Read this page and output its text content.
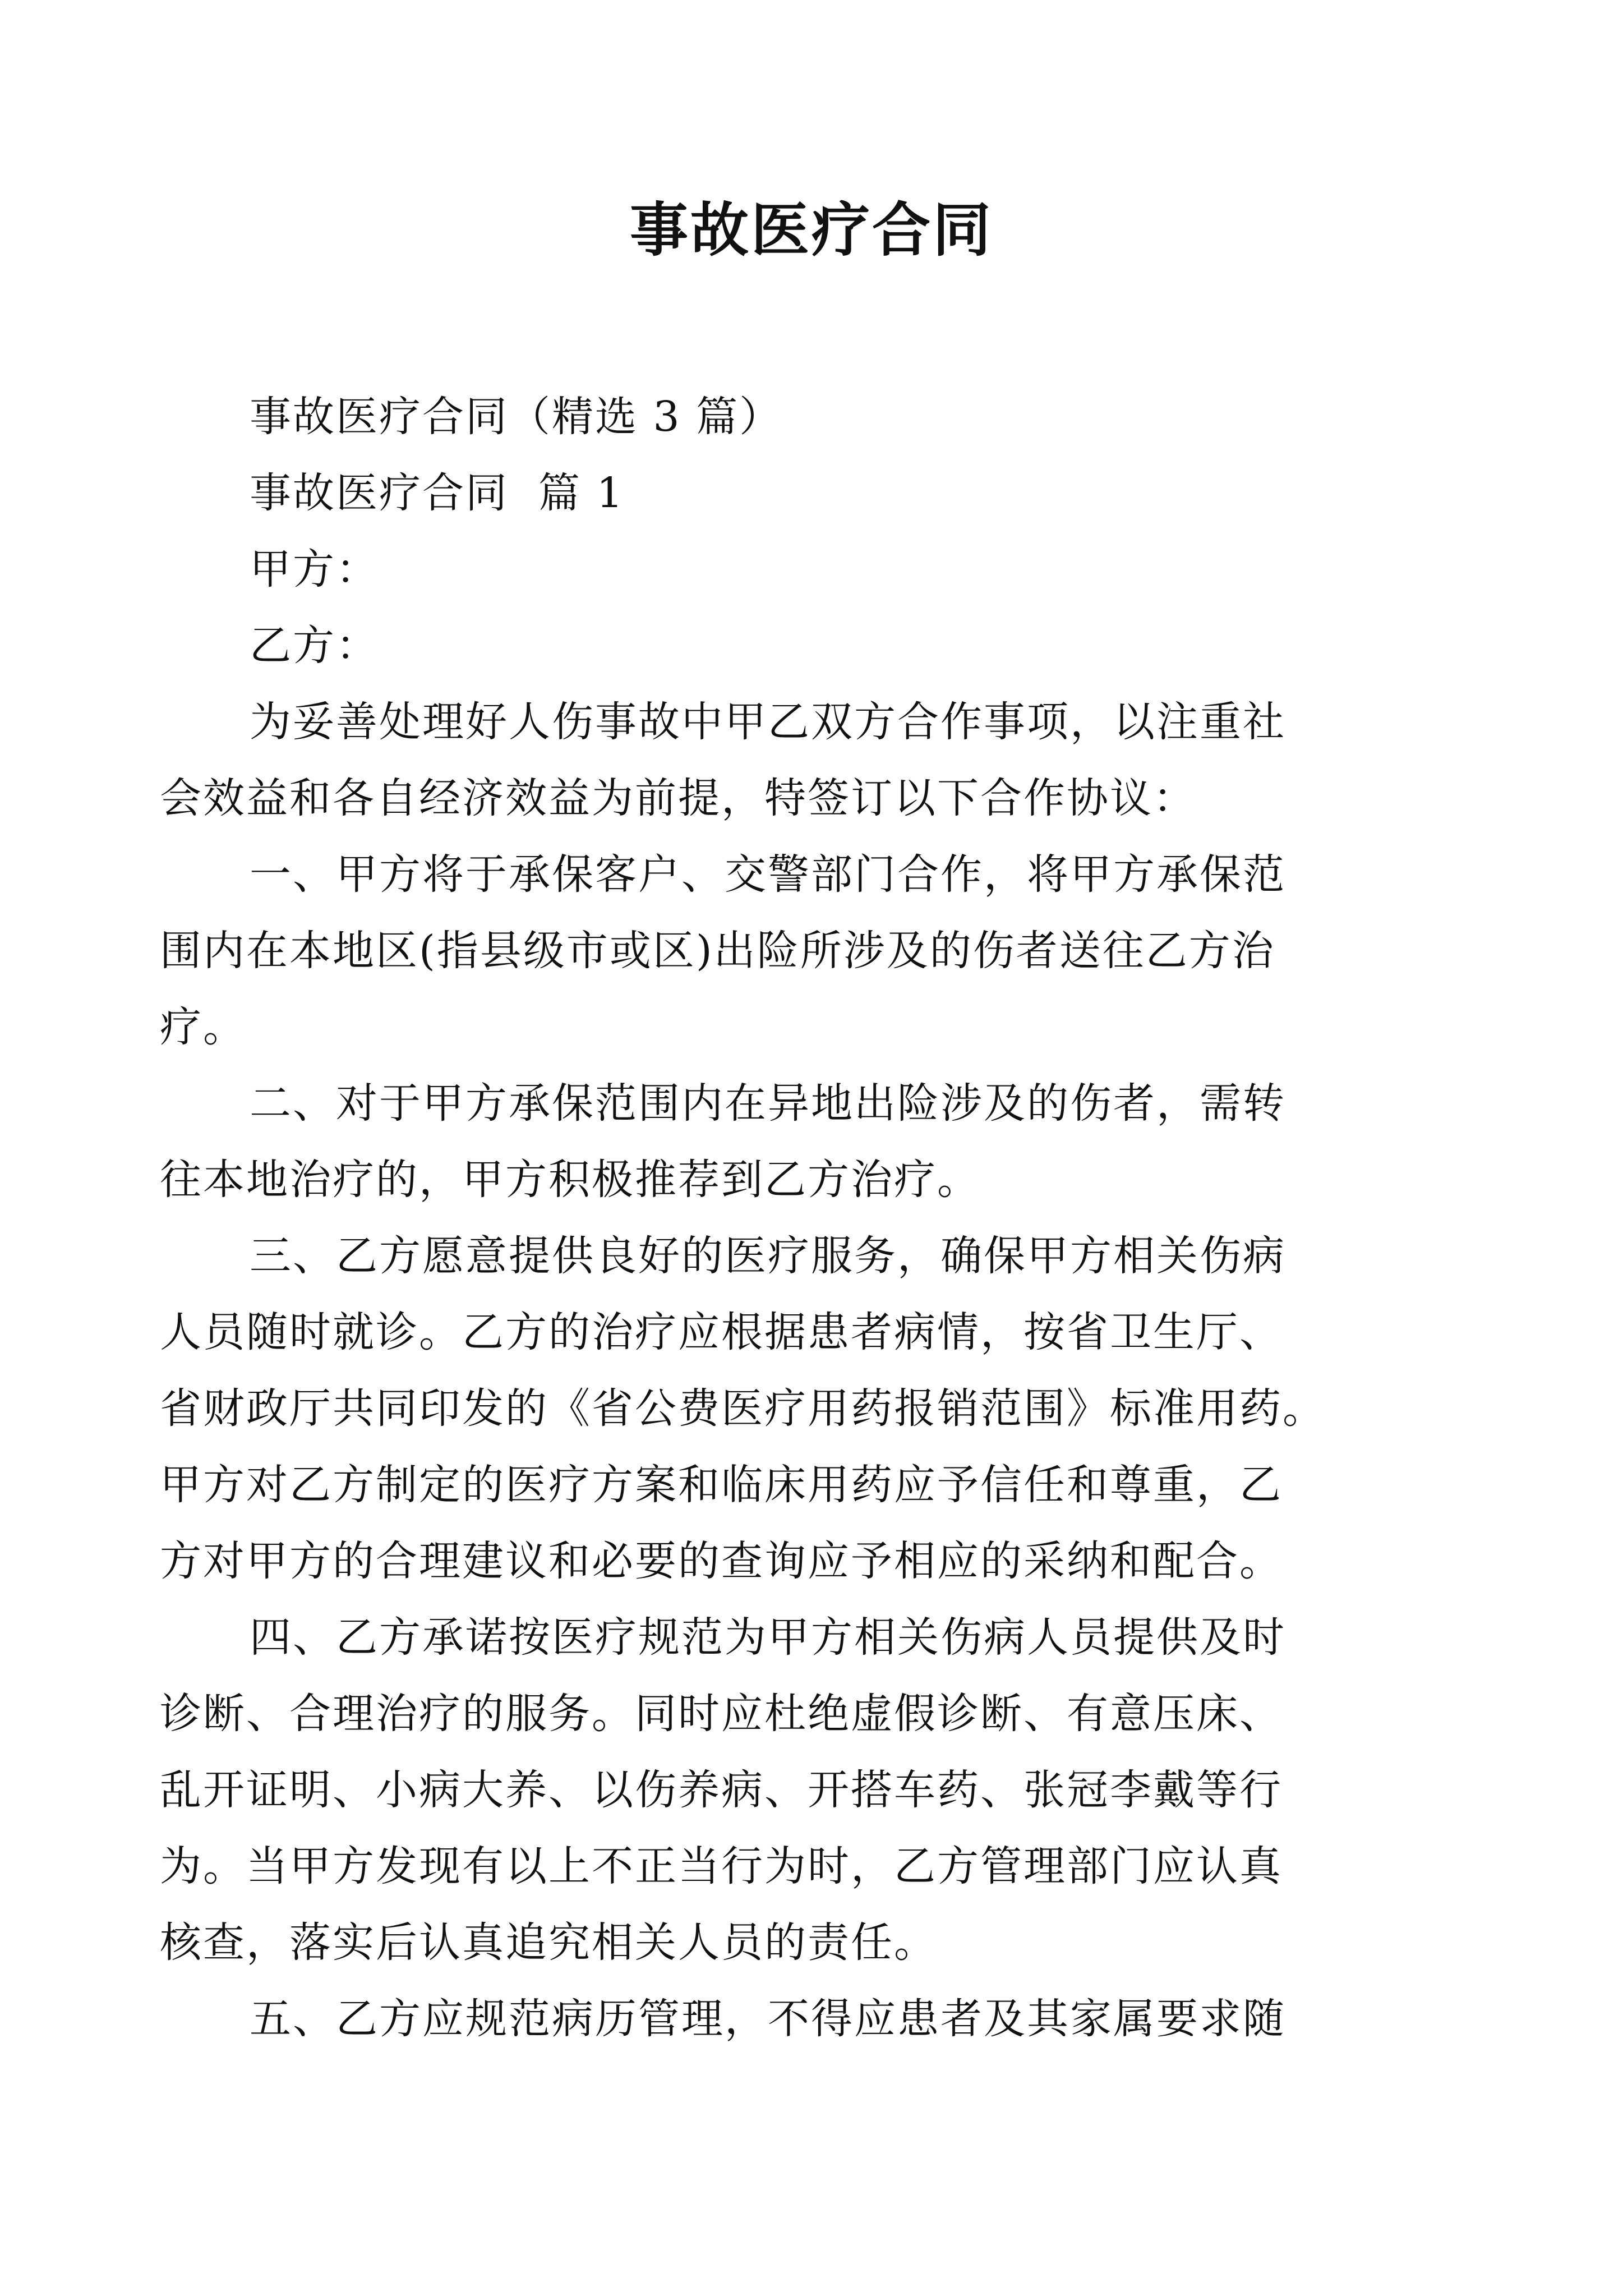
事故医疗合同
事故医疗合同（精选 3 篇）
事故医疗合同  篇 1
甲方：
乙方：
为妥善处理好人伤事故中甲乙双方合作事项，以注重社
会效益和各自经济效益为前提，特签订以下合作协议：
一、甲方将于承保客户、交警部门合作，将甲方承保范
围内在本地区(指县级市或区)出险所涉及的伤者送往乙方治
疗。
二、对于甲方承保范围内在异地出险涉及的伤者，需转
往本地治疗的，甲方积极推荐到乙方治疗。
三、乙方愿意提供良好的医疗服务，确保甲方相关伤病
人员随时就诊。乙方的治疗应根据患者病情，按省卫生厅、
省财政厅共同印发的《省公费医疗用药报销范围》标准用药。
甲方对乙方制定的医疗方案和临床用药应予信任和尊重，乙
方对甲方的合理建议和必要的查询应予相应的采纳和配合。
四、乙方承诺按医疗规范为甲方相关伤病人员提供及时
诊断、合理治疗的服务。同时应杜绝虚假诊断、有意压床、
乱开证明、小病大养、以伤养病、开搭车药、张冠李戴等行
为。当甲方发现有以上不正当行为时，乙方管理部门应认真
核查，落实后认真追究相关人员的责任。
五、乙方应规范病历管理，不得应患者及其家属要求随
